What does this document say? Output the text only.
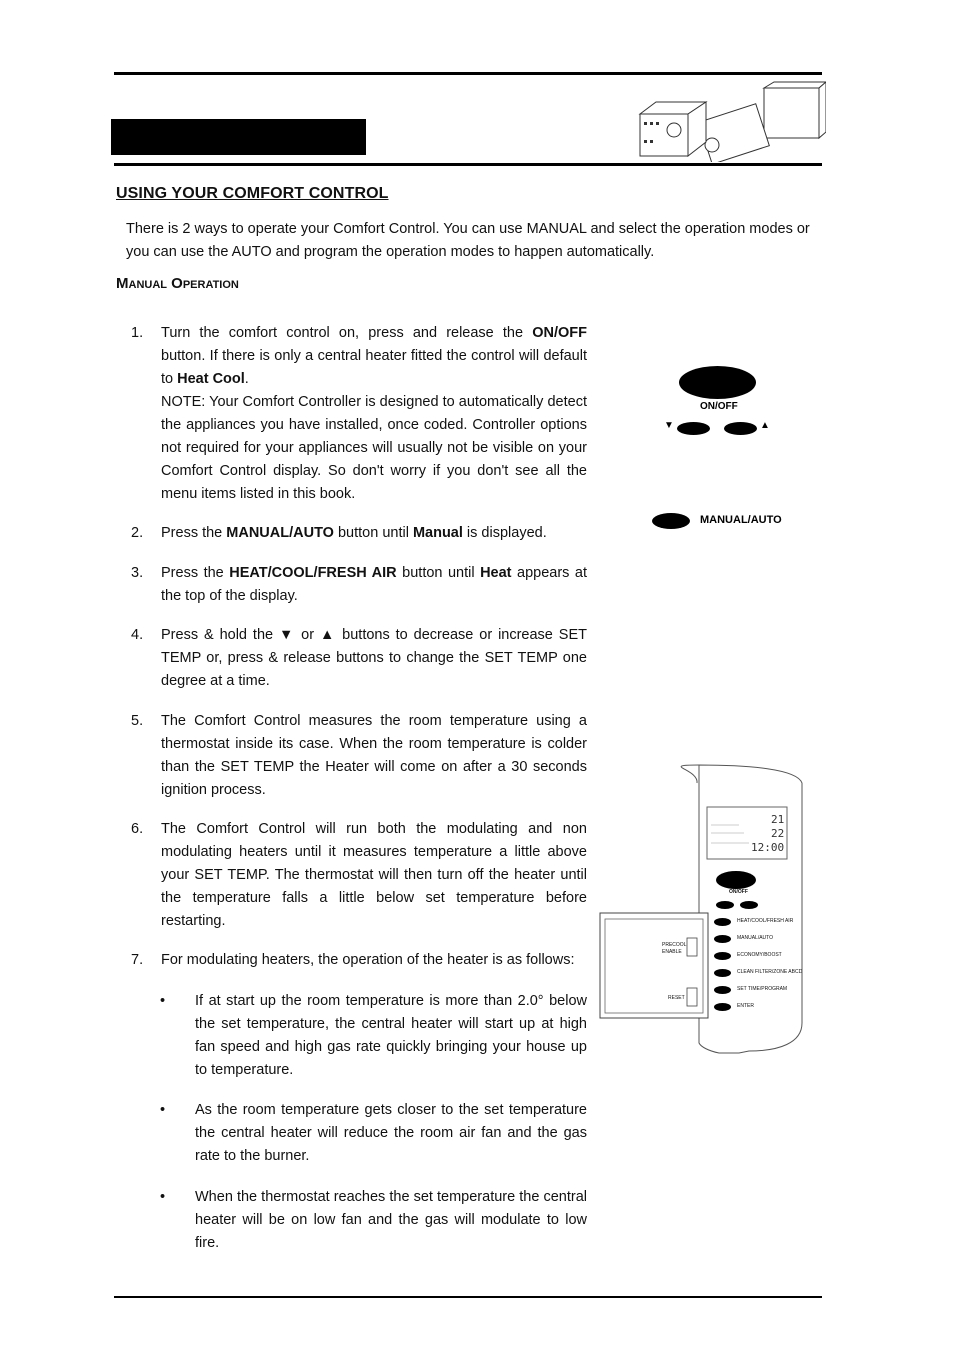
USING YOUR COMFORT CONTROL
There is 2 ways to operate your Comfort Control. You can use MANUAL and select the operation modes or you can use the AUTO and program the operation modes to happen automatically.
Manual Operation
1.	Turn the comfort control on, press and release the ON/OFF button. If there is only a central heater fitted the control will default to Heat Cool.
NOTE: Your Comfort Controller is designed to automatically detect the appliances you have installed, once coded. Controller options not required for your appliances will usually not be visible on your Comfort Control display. So don't worry if you don't see all the menu items listed in this book.
2.	Press the MANUAL/AUTO button until Manual is displayed.
3.	Press the HEAT/COOL/FRESH AIR button until Heat appears at the top of the display.
4.	Press & hold the ▼ or ▲ buttons to decrease or increase SET TEMP or, press & release buttons to change the SET TEMP one degree at a time.
5.	The Comfort Control measures the room temperature using a thermostat inside its case. When the room temperature is colder than the SET TEMP the Heater will come on after a 30 seconds ignition process.
6.	The Comfort Control will run both the modulating and non modulating heaters until it measures temperature a little above your SET TEMP. The thermostat will then turn off the heater until the temperature falls a little below set temperature before restarting.
7.	For modulating heaters, the operation of the heater is as follows:
• If at start up the room temperature is more than 2.0° below the set temperature, the central heater will start up at high fan speed and high gas rate quickly bringing your house up to temperature.
• As the room temperature gets closer to the set temperature the central heater will reduce the room air fan and the gas rate to the burner.
• When the thermostat reaches the set temperature the central heater will be on low fan and the gas will modulate to low fire.
ON/OFF
▼	▲
MANUAL/AUTO
21
22
12:00
ON/OFF
HEAT/COOL/FRESH AIR
MANUAL/AUTO
ECONOMY/BOOST
CLEAN FILTER/ZONE ABCD
SET TIME/PROGRAM
ENTER
PRECOOL
ENABLE
RESET
